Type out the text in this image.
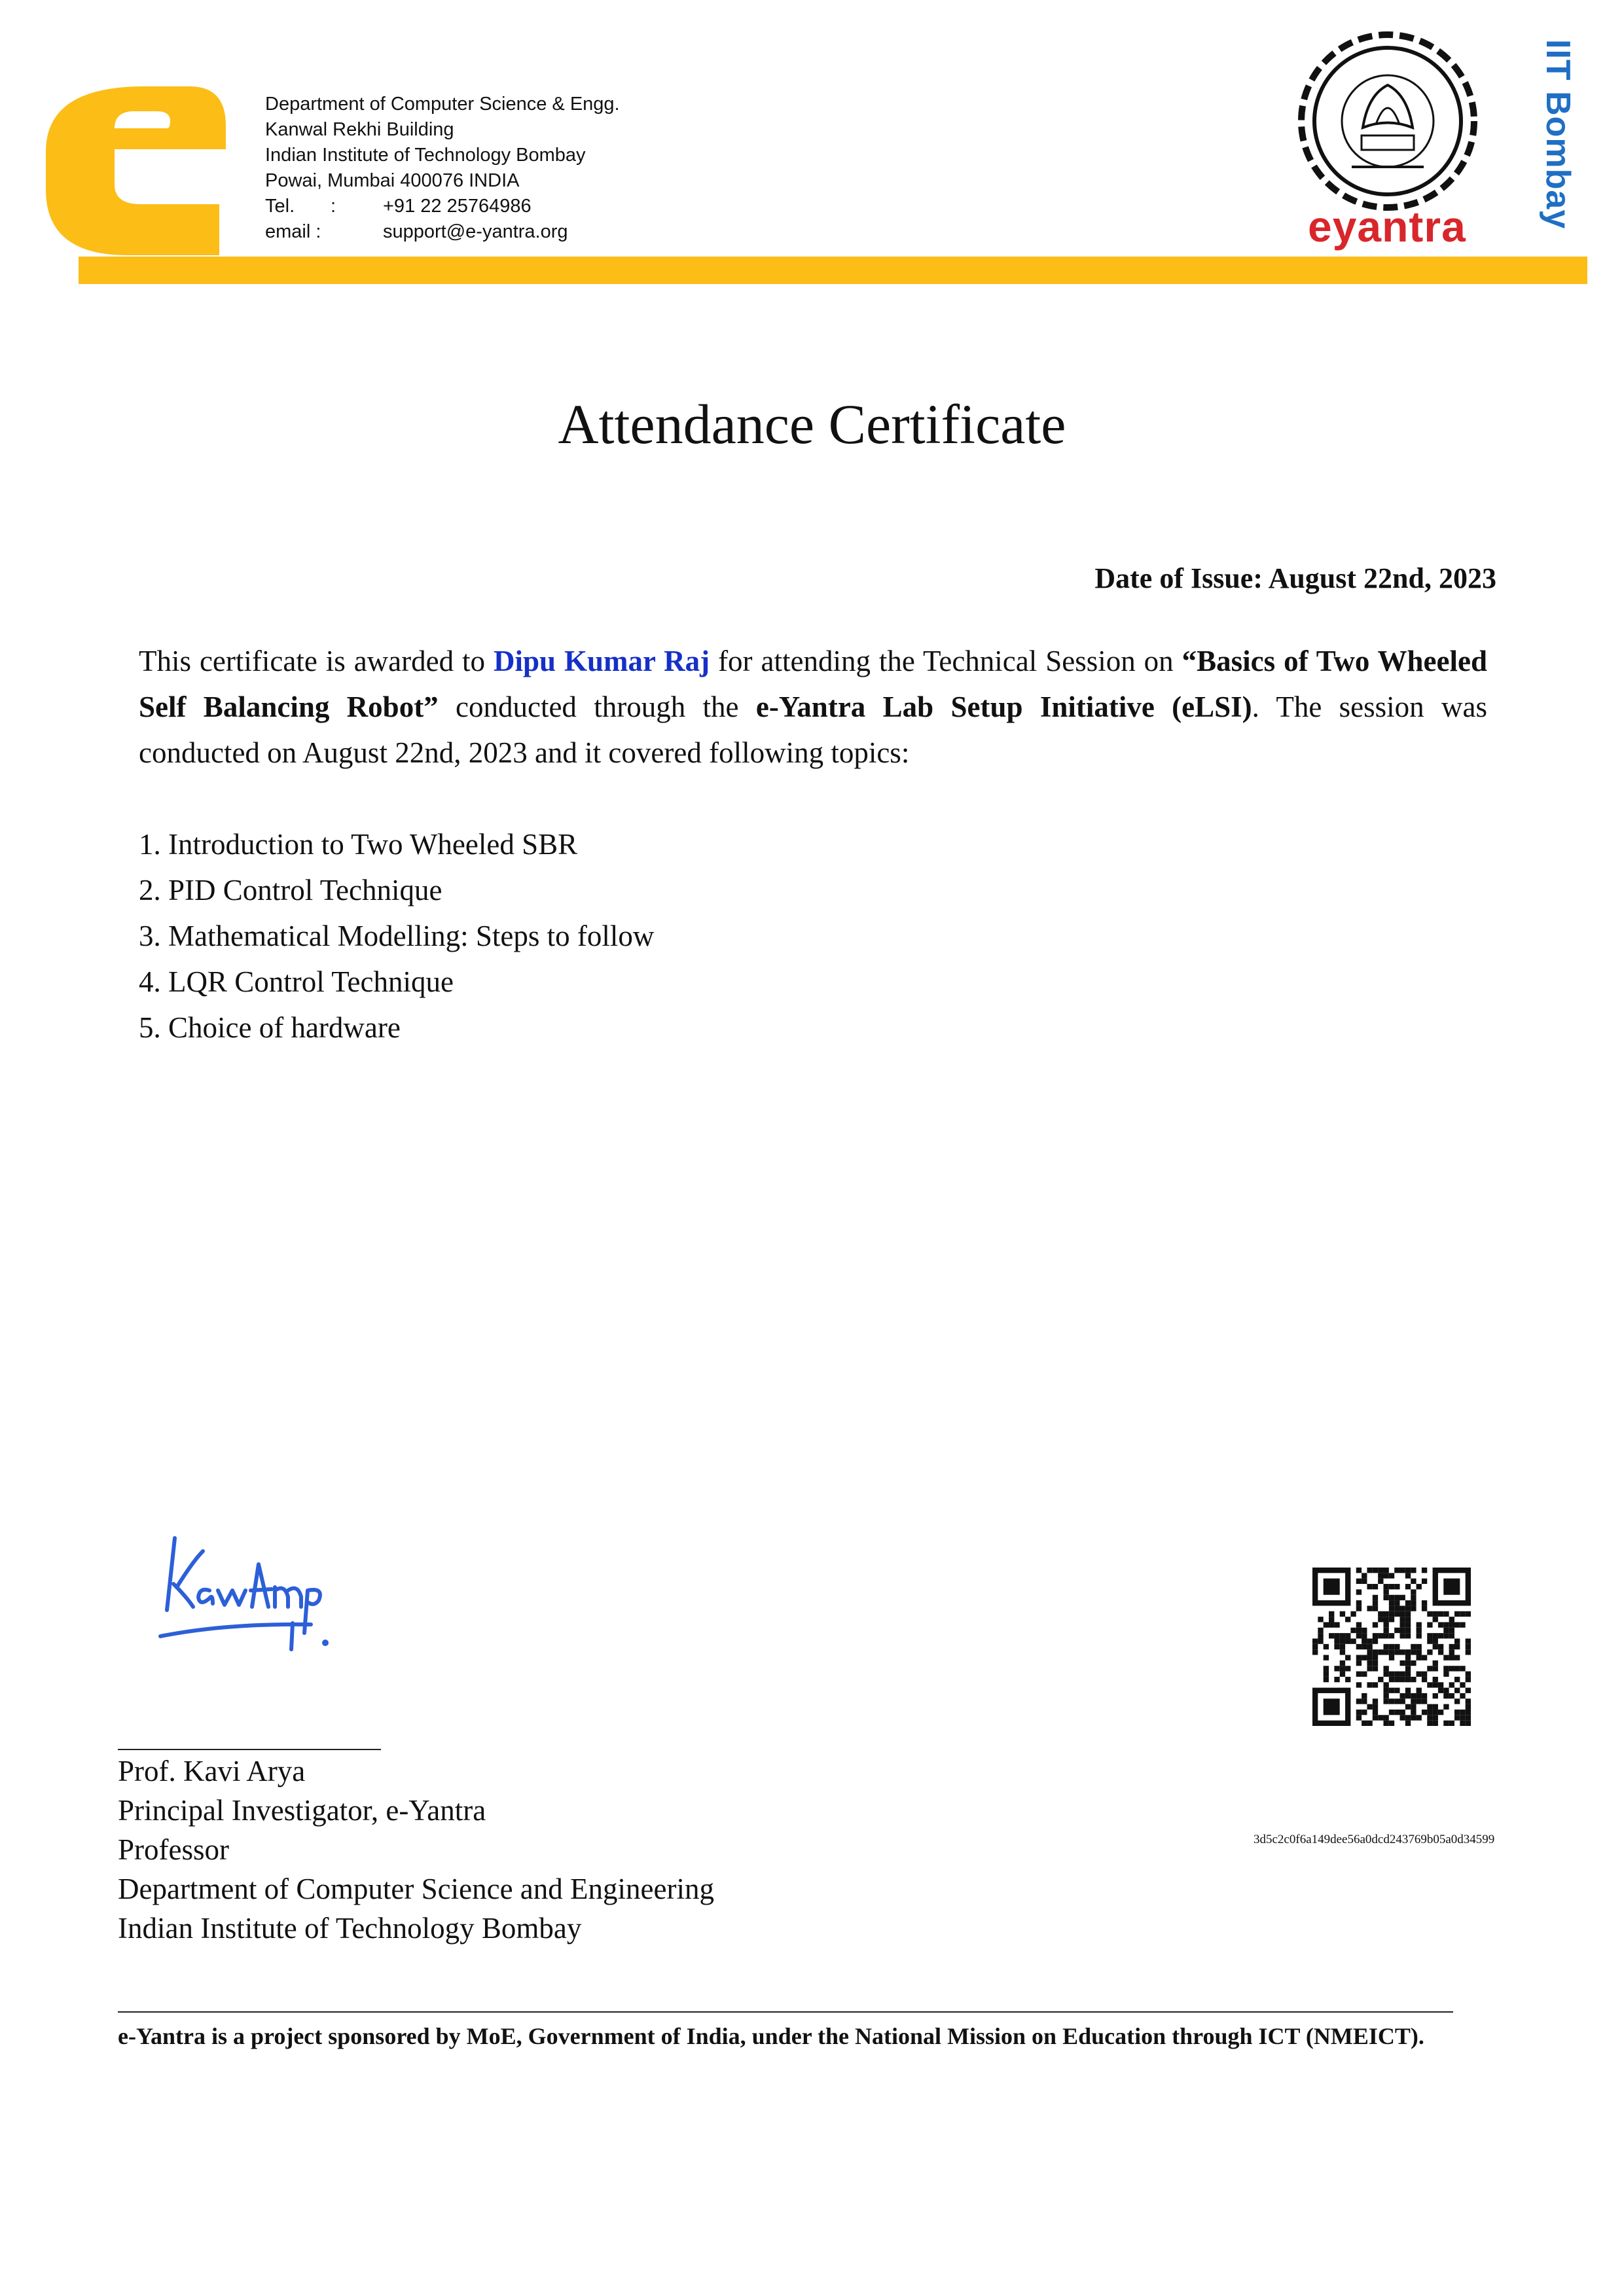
Department of Computer Science & Engg.
Kanwal Rekhi Building
Indian Institute of Technology Bombay
Powai, Mumbai 400076 INDIA
Tel.	:	+91 22 25764986
email :	support@e-yantra.org	eyantra IIT Bombay
Attendance Certificate
Date of Issue: August 22nd, 2023
This certificate is awarded to Dipu Kumar Raj for attending the Technical Session on “Basics of Two Wheeled Self Balancing Robot” conducted through the e-Yantra Lab Setup Initiative (eLSI). The session was conducted on August 22nd, 2023 and it covered following topics:
1. Introduction to Two Wheeled SBR
2. PID Control Technique
3. Mathematical Modelling: Steps to follow
4. LQR Control Technique
5. Choice of hardware
Prof. Kavi Arya
Principal Investigator, e-Yantra
Professor
Department of Computer Science and Engineering
Indian Institute of Technology Bombay
3d5c2c0f6a149dee56a0dcd243769b05a0d34599
e-Yantra is a project sponsored by MoE, Government of India, under the National Mission on Education through ICT (NMEICT).
